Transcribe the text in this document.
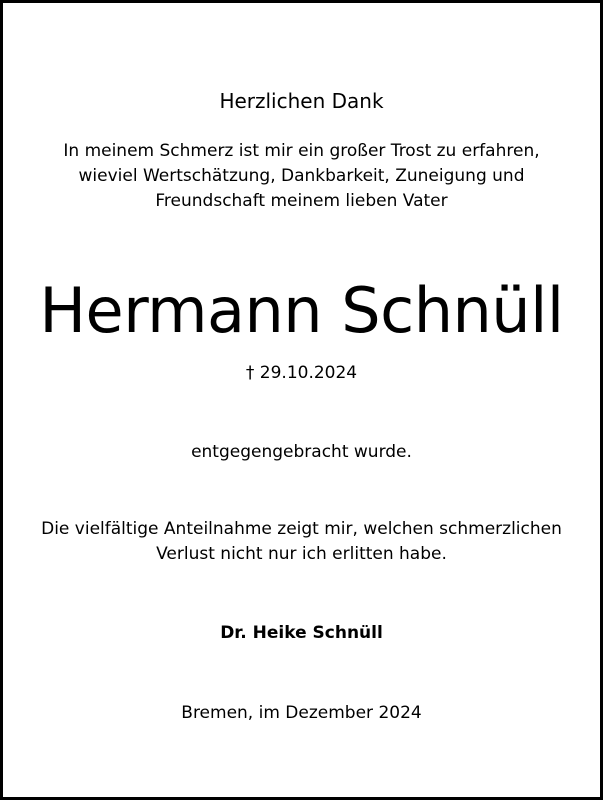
Herzlichen Dank
In meinem Schmerz ist mir ein großer Trost zu erfahren,
wieviel Wertschätzung, Dankbarkeit, Zuneigung und
Freundschaft meinem lieben Vater
Hermann Schnüll
† 29.10.2024
entgegengebracht wurde.
Die vielfältige Anteilnahme zeigt mir, welchen schmerzlichen
Verlust nicht nur ich erlitten habe.
Dr. Heike Schnüll
Bremen, im Dezember 2024
